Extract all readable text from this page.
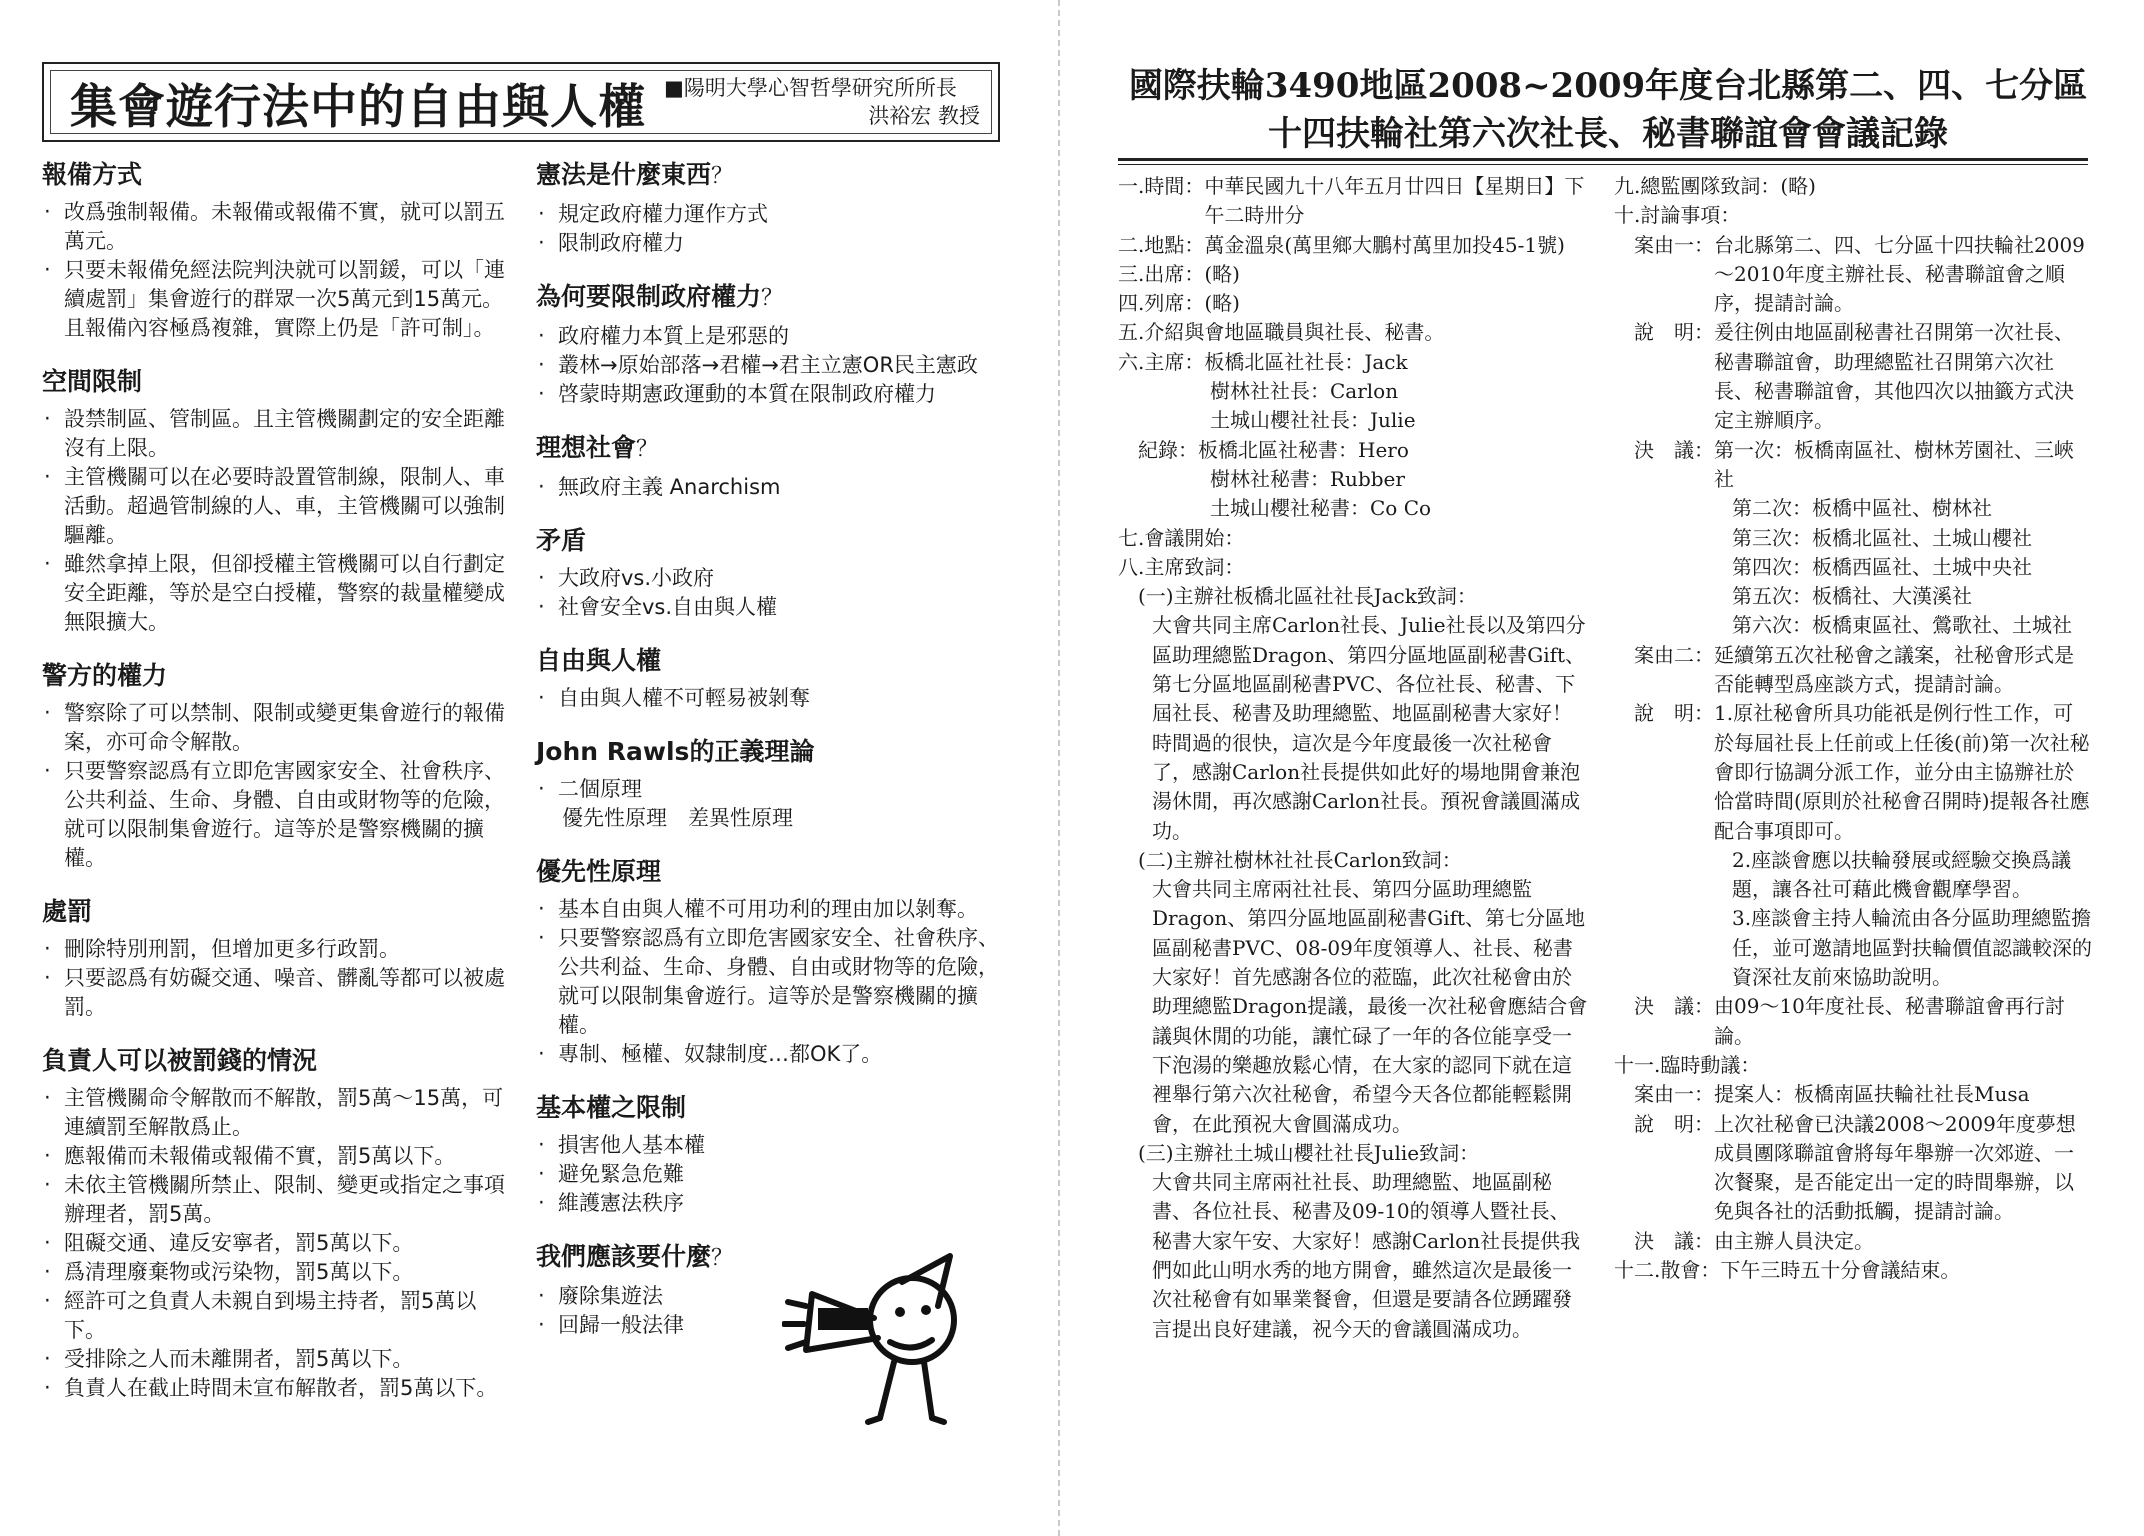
集會遊行法中的自由與人權 ■陽明大學心智哲學研究所所長
洪裕宏 教授
報備方式
‧ 改爲強制報備。未報備或報備不實，就可以罰五萬元。
‧ 只要未報備免經法院判決就可以罰鍰，可以「連續處罰」集會遊行的群眾一次5萬元到15萬元。且報備內容極爲複雜，實際上仍是「許可制」。
空間限制
‧ 設禁制區、管制區。且主管機關劃定的安全距離沒有上限。
‧ 主管機關可以在必要時設置管制線，限制人、車活動。超過管制線的人、車，主管機關可以強制驅離。
‧ 雖然拿掉上限，但卻授權主管機關可以自行劃定安全距離，等於是空白授權，警察的裁量權變成無限擴大。
警方的權力
‧ 警察除了可以禁制、限制或變更集會遊行的報備案，亦可命令解散。
‧ 只要警察認爲有立即危害國家安全、社會秩序、公共利益、生命、身體、自由或財物等的危險，就可以限制集會遊行。這等於是警察機關的擴權。
處罰
‧ 刪除特別刑罰，但增加更多行政罰。
‧ 只要認爲有妨礙交通、噪音、髒亂等都可以被處罰。
負責人可以被罰錢的情況
‧ 主管機關命令解散而不解散，罰5萬～15萬，可連續罰至解散爲止。
‧ 應報備而未報備或報備不實，罰5萬以下。
‧ 未依主管機關所禁止、限制、變更或指定之事項辦理者，罰5萬。
‧ 阻礙交通、違反安寧者，罰5萬以下。
‧ 爲清理廢棄物或污染物，罰5萬以下。
‧ 經許可之負責人未親自到場主持者，罰5萬以下。
‧ 受排除之人而未離開者，罰5萬以下。
‧ 負責人在截止時間未宣布解散者，罰5萬以下。
憲法是什麼東西？
‧ 規定政府權力運作方式
‧ 限制政府權力
為何要限制政府權力？
‧ 政府權力本質上是邪惡的
‧ 叢林→原始部落→君權→君主立憲OR民主憲政
‧ 啓蒙時期憲政運動的本質在限制政府權力
理想社會？
‧ 無政府主義 Anarchism
矛盾
‧ 大政府vs.小政府
‧ 社會安全vs.自由與人權
自由與人權
‧ 自由與人權不可輕易被剝奪
John Rawls的正義理論
‧ 二個原理
優先性原理　差異性原理
優先性原理
‧ 基本自由與人權不可用功利的理由加以剝奪。
‧ 只要警察認爲有立即危害國家安全、社會秩序、公共利益、生命、身體、自由或財物等的危險，就可以限制集會遊行。這等於是警察機關的擴權。
‧ 專制、極權、奴隸制度…都OK了。
基本權之限制
‧ 損害他人基本權
‧ 避免緊急危難
‧ 維護憲法秩序
我們應該要什麼？
‧ 廢除集遊法
‧ 回歸一般法律
國際扶輪3490地區2008~2009年度台北縣第二、四、七分區
十四扶輪社第六次社長、秘書聯誼會會議記錄
一.時間： 中華民國九十八年五月廿四日【星期日】下午二時卅分
二.地點： 萬金溫泉(萬里鄉大鵬村萬里加投45-1號)
三.出席： (略)
四.列席： (略)
五. 介紹與會地區職員與社長、秘書。
六.主席： 板橋北區社社長：Jack
樹林社社長：Carlon
土城山櫻社社長：Julie
　紀錄： 板橋北區社秘書：Hero
樹林社秘書：Rubber
土城山櫻社秘書：Co Co
七. 會議開始：
八. 主席致詞：
　(一) 主辦社板橋北區社社長Jack致詞：
大會共同主席Carlon社長、Julie社長以及第四分區助理總監Dragon、第四分區地區副秘書Gift、第七分區地區副秘書PVC、各位社長、秘書、下屆社長、秘書及助理總監、地區副秘書大家好！時間過的很快，這次是今年度最後一次社秘會了，感謝Carlon社長提供如此好的場地開會兼泡湯休閒，再次感謝Carlon社長。預祝會議圓滿成功。
　(二) 主辦社樹林社社長Carlon致詞：
大會共同主席兩社社長、第四分區助理總監Dragon、第四分區地區副秘書Gift、第七分區地區副秘書PVC、08-09年度領導人、社長、秘書大家好！首先感謝各位的蒞臨，此次社秘會由於助理總監Dragon提議，最後一次社秘會應結合會議與休閒的功能，讓忙碌了一年的各位能享受一下泡湯的樂趣放鬆心情，在大家的認同下就在這裡舉行第六次社秘會，希望今天各位都能輕鬆開會，在此預祝大會圓滿成功。
　(三) 主辦社土城山櫻社社長Julie致詞：
大會共同主席兩社社長、助理總監、地區副秘書、各位社長、秘書及09-10的領導人暨社長、秘書大家午安、大家好！感謝Carlon社長提供我們如此山明水秀的地方開會，雖然這次是最後一次社秘會有如畢業餐會，但還是要請各位踴躍發言提出良好建議，祝今天的會議圓滿成功。
九. 總監團隊致詞：(略)
十. 討論事項：
　案由一： 台北縣第二、四、七分區十四扶輪社2009～2010年度主辦社長、秘書聯誼會之順序，提請討論。
　說　明： 爰往例由地區副秘書社召開第一次社長、秘書聯誼會，助理總監社召開第六次社長、秘書聯誼會，其他四次以抽籤方式決定主辦順序。
　決　議： 第一次：板橋南區社、樹林芳園社、三峽社
第二次：板橋中區社、樹林社
第三次：板橋北區社、土城山櫻社
第四次：板橋西區社、土城中央社
第五次：板橋社、大漢溪社
第六次：板橋東區社、鶯歌社、土城社
　案由二： 延續第五次社秘會之議案，社秘會形式是否能轉型爲座談方式，提請討論。
　說　明： 1.原社秘會所具功能祇是例行性工作，可於每屆社長上任前或上任後(前)第一次社秘會即行協調分派工作，並分由主協辦社於恰當時間(原則於社秘會召開時)提報各社應配合事項即可。
2.座談會應以扶輪發展或經驗交換爲議題，讓各社可藉此機會觀摩學習。
3.座談會主持人輪流由各分區助理總監擔任，並可邀請地區對扶輪價值認識較深的資深社友前來協助說明。
　決　議： 由09～10年度社長、秘書聯誼會再行討論。
十一. 臨時動議：
　案由一： 提案人：板橋南區扶輪社社長Musa
　說　明： 上次社秘會已決議2008～2009年度夢想成員團隊聯誼會將每年舉辦一次郊遊、一次餐聚，是否能定出一定的時間舉辦，以免與各社的活動抵觸，提請討論。
　決　議： 由主辦人員決定。
十二. 散會：下午三時五十分會議結束。
